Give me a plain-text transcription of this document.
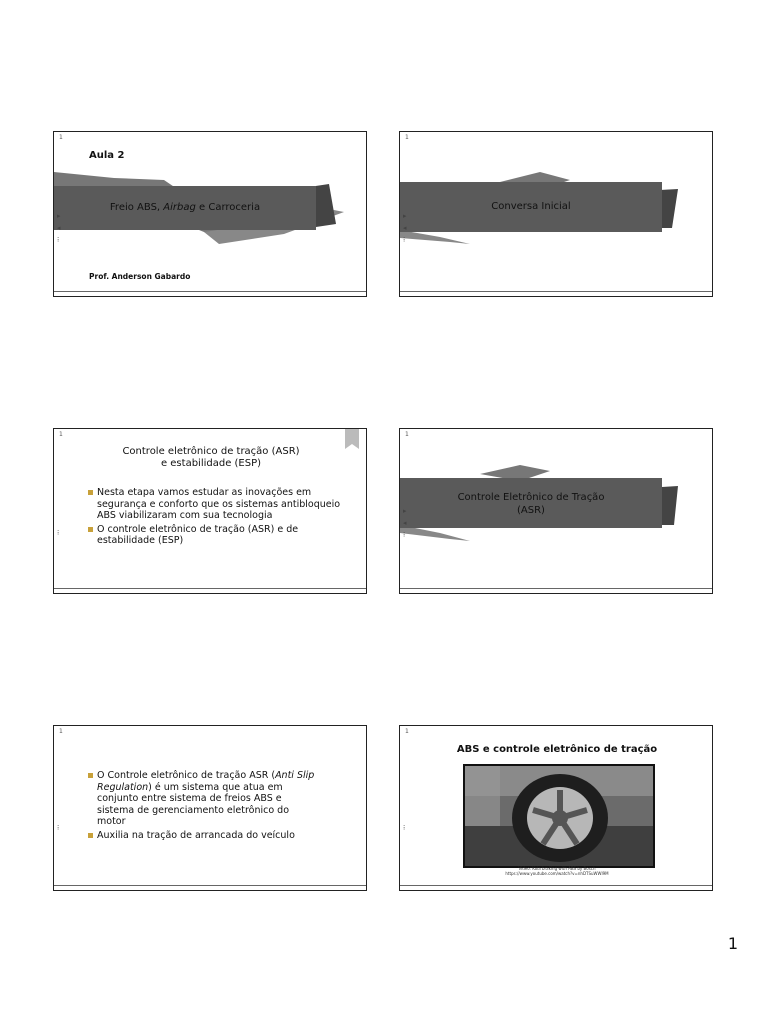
1
Aula 2
Freio ABS, Airbag e Carroceria
▸
◂
⁝
Prof. Anderson Gabardo
1
Conversa Inicial
▸
◂
⁝
1
Controle eletrônico de tração (ASR)
e estabilidade (ESP)
Nesta etapa vamos estudar as inovações em segurança e conforto que os sistemas antibloqueio ABS viabilizaram com sua tecnologia
O controle eletrônico de tração (ASR) e de estabilidade (ESP)
⁝
1
Controle Eletrônico de Tração
(ASR)
▸
◂
⁝
1
O Controle eletrônico de tração ASR (Anti Slip Regulation) é um sistema que atua em conjunto entre sistema de freios ABS e sistema de gerenciamento eletrônico do motor
Auxilia na tração de arrancada do veículo
⁝
1
ABS e controle eletrônico de tração
Video: Kola braking with ABS by Bosch
https://www.youtube.com/watch?v=nhDTSuWWI9M
⁝
1
